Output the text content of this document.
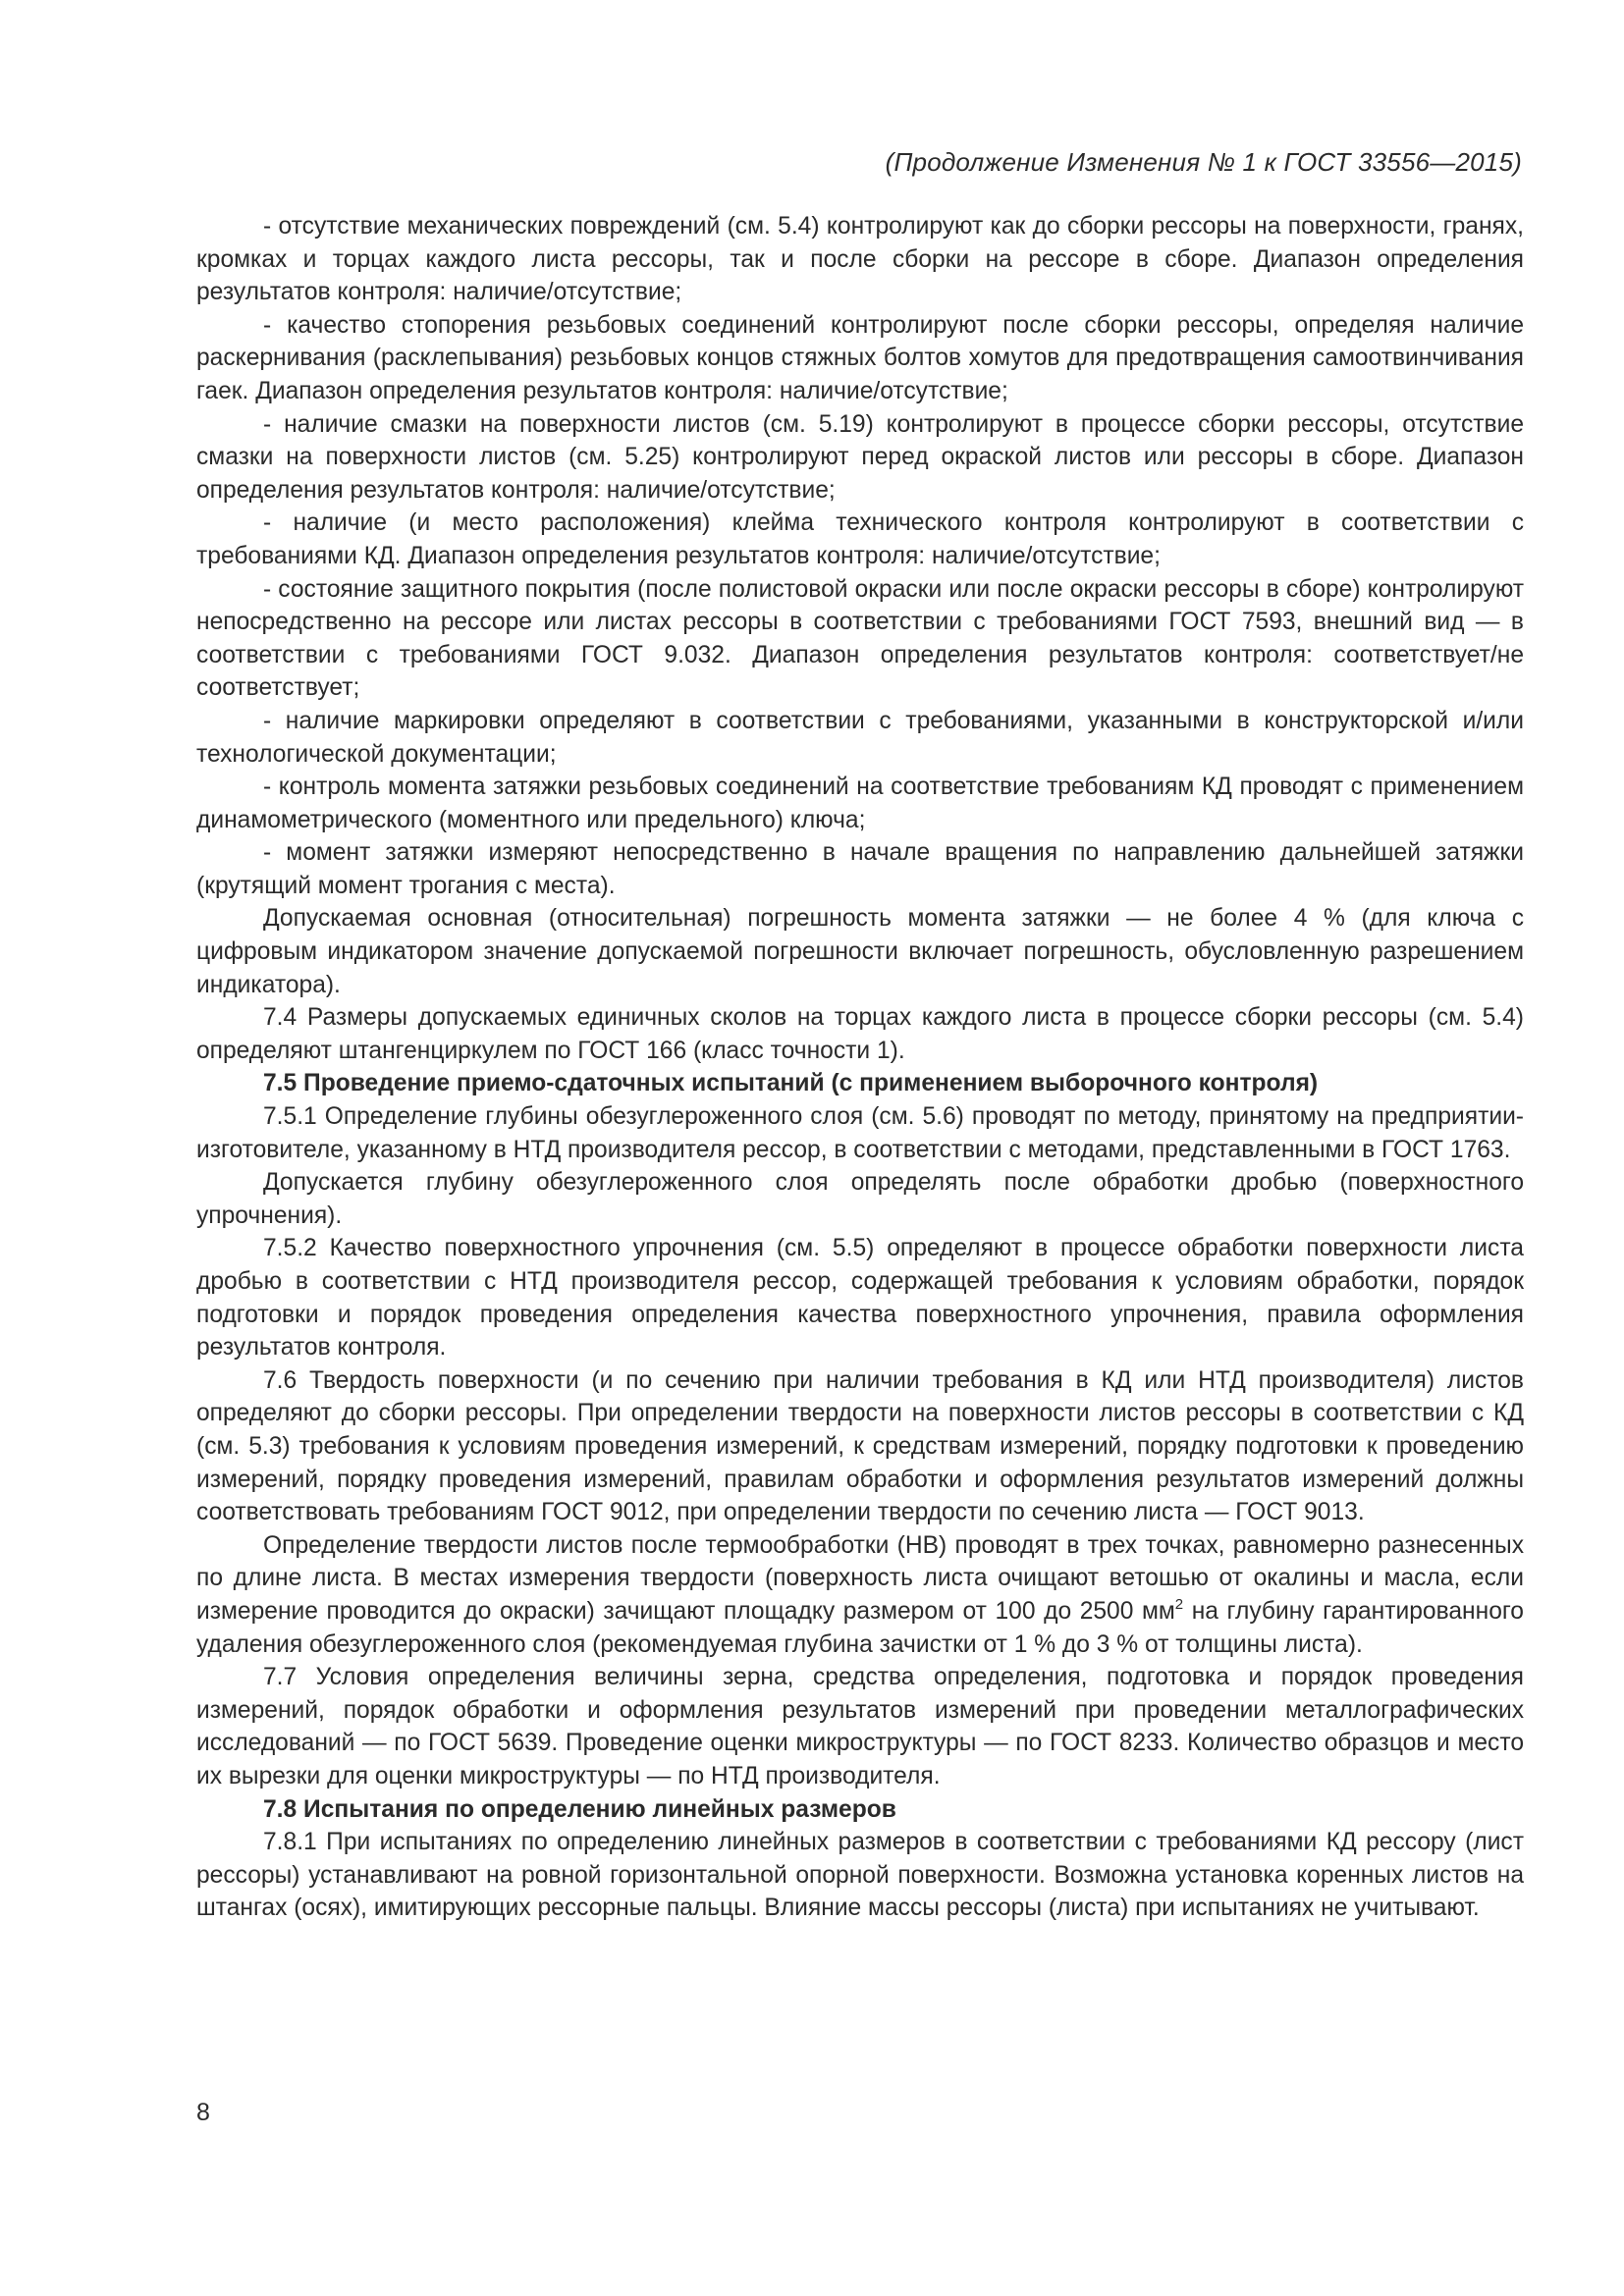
(Продолжение Изменения № 1 к ГОСТ 33556—2015)

- отсутствие механических повреждений (см. 5.4) контролируют как до сборки рессоры на поверхности, гранях, кромках и торцах каждого листа рессоры, так и после сборки на рессоре в сборе. Диапазон определения результатов контроля: наличие/отсутствие;

- качество стопорения резьбовых соединений контролируют после сборки рессоры, определяя наличие раскернивания (расклепывания) резьбовых концов стяжных болтов хомутов для предотвращения самоотвинчивания гаек. Диапазон определения результатов контроля: наличие/отсутствие;

- наличие смазки на поверхности листов (см. 5.19) контролируют в процессе сборки рессоры, отсутствие смазки на поверхности листов (см. 5.25) контролируют перед окраской листов или рессоры в сборе. Диапазон определения результатов контроля: наличие/отсутствие;

- наличие (и место расположения) клейма технического контроля контролируют в соответствии с требованиями КД. Диапазон определения результатов контроля: наличие/отсутствие;

- состояние защитного покрытия (после полистовой окраски или после окраски рессоры в сборе) контролируют непосредственно на рессоре или листах рессоры в соответствии с требованиями ГОСТ 7593, внешний вид — в соответствии с требованиями ГОСТ 9.032. Диапазон определения результатов контроля: соответствует/не соответствует;

- наличие маркировки определяют в соответствии с требованиями, указанными в конструкторской и/или технологической документации;

- контроль момента затяжки резьбовых соединений на соответствие требованиям КД проводят с применением динамометрического (моментного или предельного) ключа;

- момент затяжки измеряют непосредственно в начале вращения по направлению дальнейшей затяжки (крутящий момент трогания с места).

Допускаемая основная (относительная) погрешность момента затяжки — не более 4 % (для ключа с цифровым индикатором значение допускаемой погрешности включает погрешность, обусловленную разрешением индикатора).

7.4 Размеры допускаемых единичных сколов на торцах каждого листа в процессе сборки рессоры (см. 5.4) определяют штангенциркулем по ГОСТ 166 (класс точности 1).

7.5 Проведение приемо-сдаточных испытаний (с применением выборочного контроля)

7.5.1 Определение глубины обезуглероженного слоя (см. 5.6) проводят по методу, принятому на предприятии-изготовителе, указанному в НТД производителя рессор, в соответствии с методами, представленными в ГОСТ 1763.

Допускается глубину обезуглероженного слоя определять после обработки дробью (поверхностного упрочнения).

7.5.2 Качество поверхностного упрочнения (см. 5.5) определяют в процессе обработки поверхности листа дробью в соответствии с НТД производителя рессор, содержащей требования к условиям обработки, порядок подготовки и порядок проведения определения качества поверхностного упрочнения, правила оформления результатов контроля.

7.6 Твердость поверхности (и по сечению при наличии требования в КД или НТД производителя) листов определяют до сборки рессоры. При определении твердости на поверхности листов рессоры в соответствии с КД (см. 5.3) требования к условиям проведения измерений, к средствам измерений, порядку подготовки к проведению измерений, порядку проведения измерений, правилам обработки и оформления результатов измерений должны соответствовать требованиям ГОСТ 9012, при определении твердости по сечению листа — ГОСТ 9013.

Определение твердости листов после термообработки (НВ) проводят в трех точках, равномерно разнесенных по длине листа. В местах измерения твердости (поверхность листа очищают ветошью от окалины и масла, если измерение проводится до окраски) зачищают площадку размером от 100 до 2500 $мм^2$ на глубину гарантированного удаления обезуглероженного слоя (рекомендуемая глубина зачистки от 1 % до 3 % от толщины листа).

7.7 Условия определения величины зерна, средства определения, подготовка и порядок проведения измерений, порядок обработки и оформления результатов измерений при проведении металлографических исследований — по ГОСТ 5639. Проведение оценки микроструктуры — по ГОСТ 8233. Количество образцов и место их вырезки для оценки микроструктуры — по НТД производителя.

7.8 Испытания по определению линейных размеров

7.8.1 При испытаниях по определению линейных размеров в соответствии с требованиями КД рессору (лист рессоры) устанавливают на ровной горизонтальной опорной поверхности. Возможна установка коренных листов на штангах (осях), имитирующих рессорные пальцы. Влияние массы рессоры (листа) при испытаниях не учитывают.

8
